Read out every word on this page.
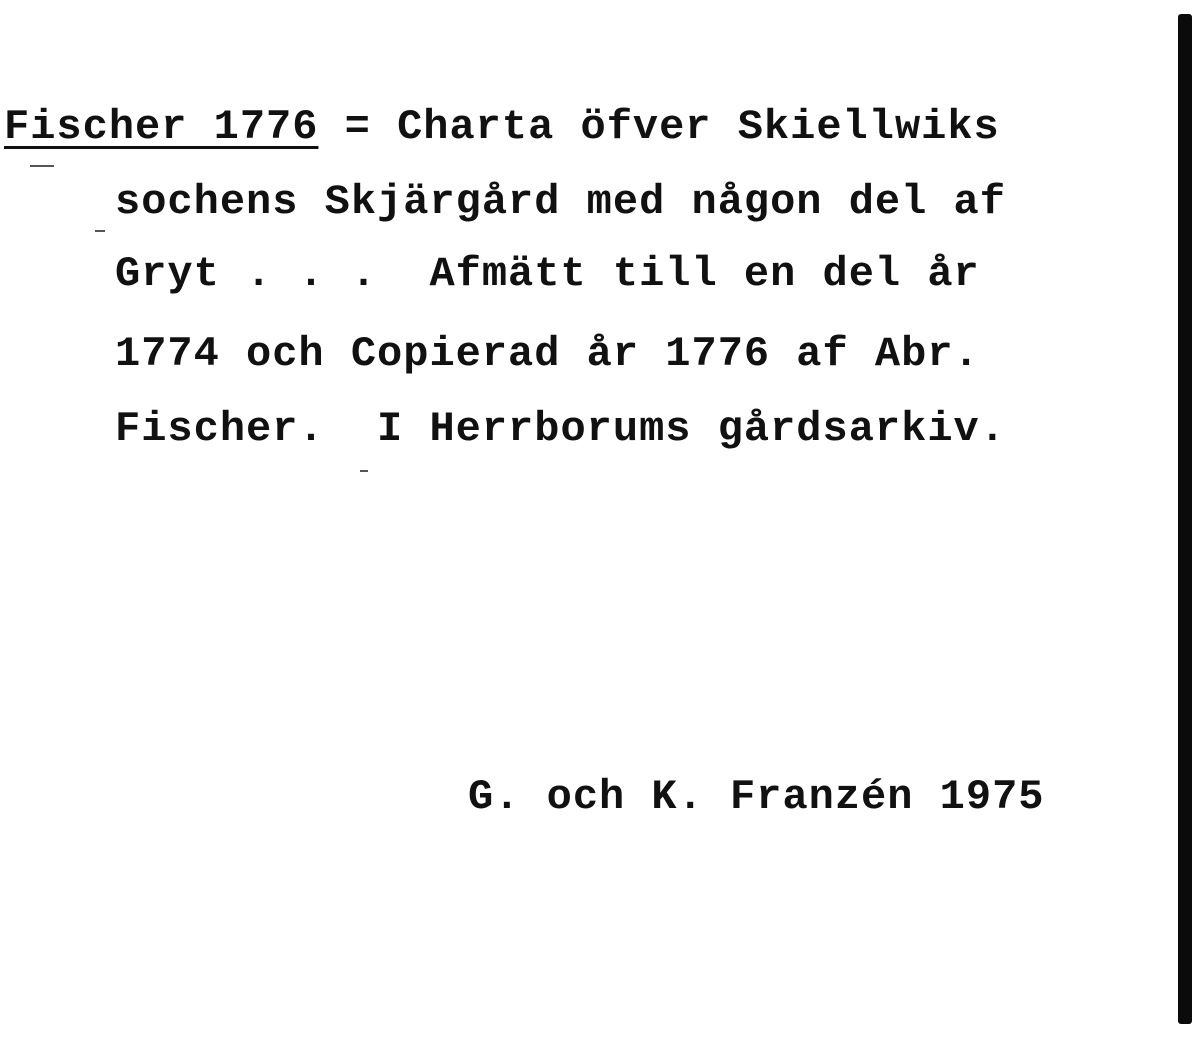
Fischer 1776 = Charta öfver Skiellwiks
sochens Skjärgård med någon del af
Gryt . . .  Afmätt till en del år
1774 och Copierad år 1776 af Abr.
Fischer.  I Herrborums gårdsarkiv.
G. och K. Franzén 1975
